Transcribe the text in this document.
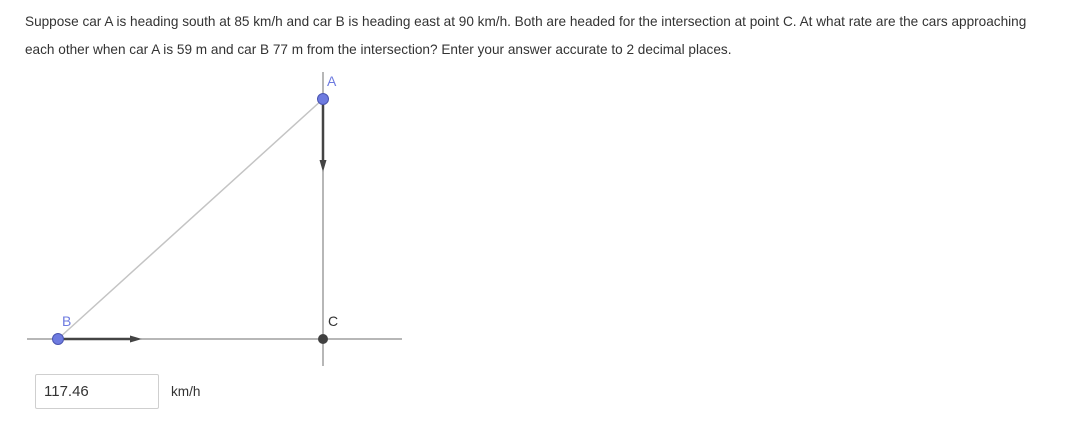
Suppose car A is heading south at 85 km/h and car B is heading east at 90 km/h. Both are headed for the intersection at point C. At what rate are the cars approaching each other when car A is 59 m and car B 77 m from the intersection? Enter your answer accurate to 2 decimal places.
A
B	C
117.46
km/h
